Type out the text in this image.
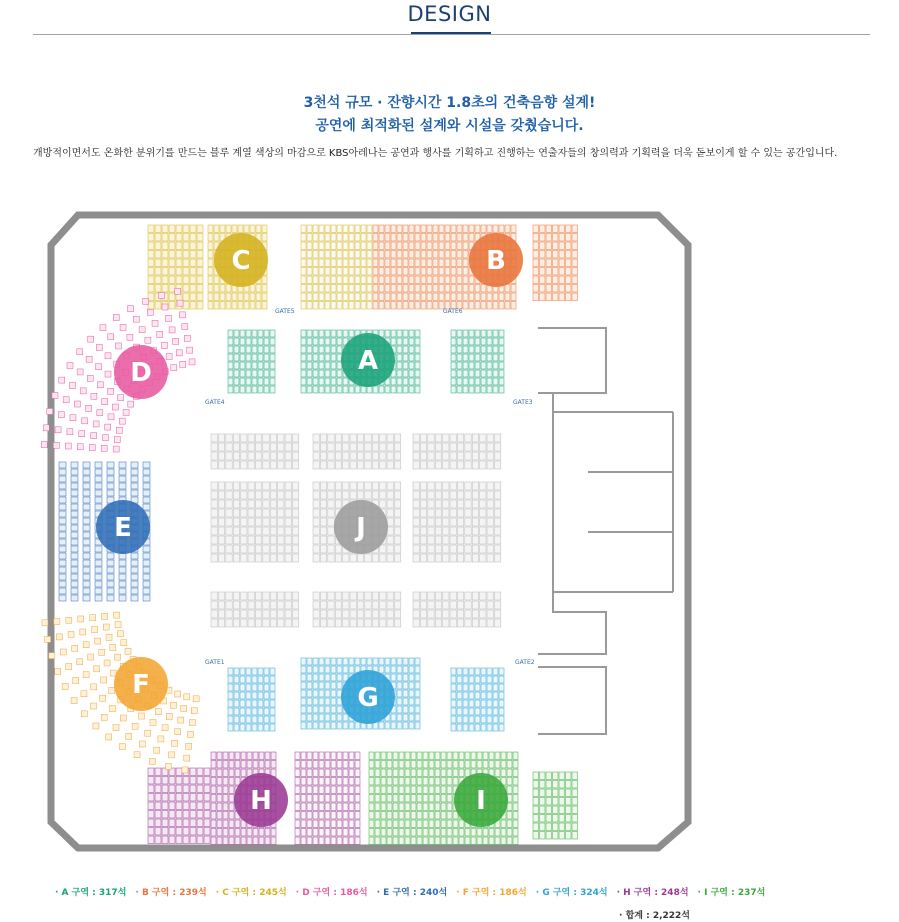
DESIGN
3천석 규모 · 잔향시간 1.8초의 건축음향 설계!
공연에 최적화된 설계와 시설을 갖췄습니다.
개방적이면서도 온화한 분위기를 만드는 블루 계열 색상의 마감으로 KBS아레나는 공연과 행사를 기획하고 진행하는 연출자들의 창의력과 기획력을 더욱 돋보이게 할 수 있는 공간입니다.
A
B
C
D
E
F	G
H	I
J
GATE1	GATE2
GATE3
GATE4
GATE5	GATE6
· A 구역 : 317석 · B 구역 : 239석 · C 구역 : 245석 · D 구역 : 186석 · E 구역 : 240석 · F 구역 : 186석 · G 구역 : 324석 · H 구역 : 248석 · I 구역 : 237석
· 합계 : 2,222석
